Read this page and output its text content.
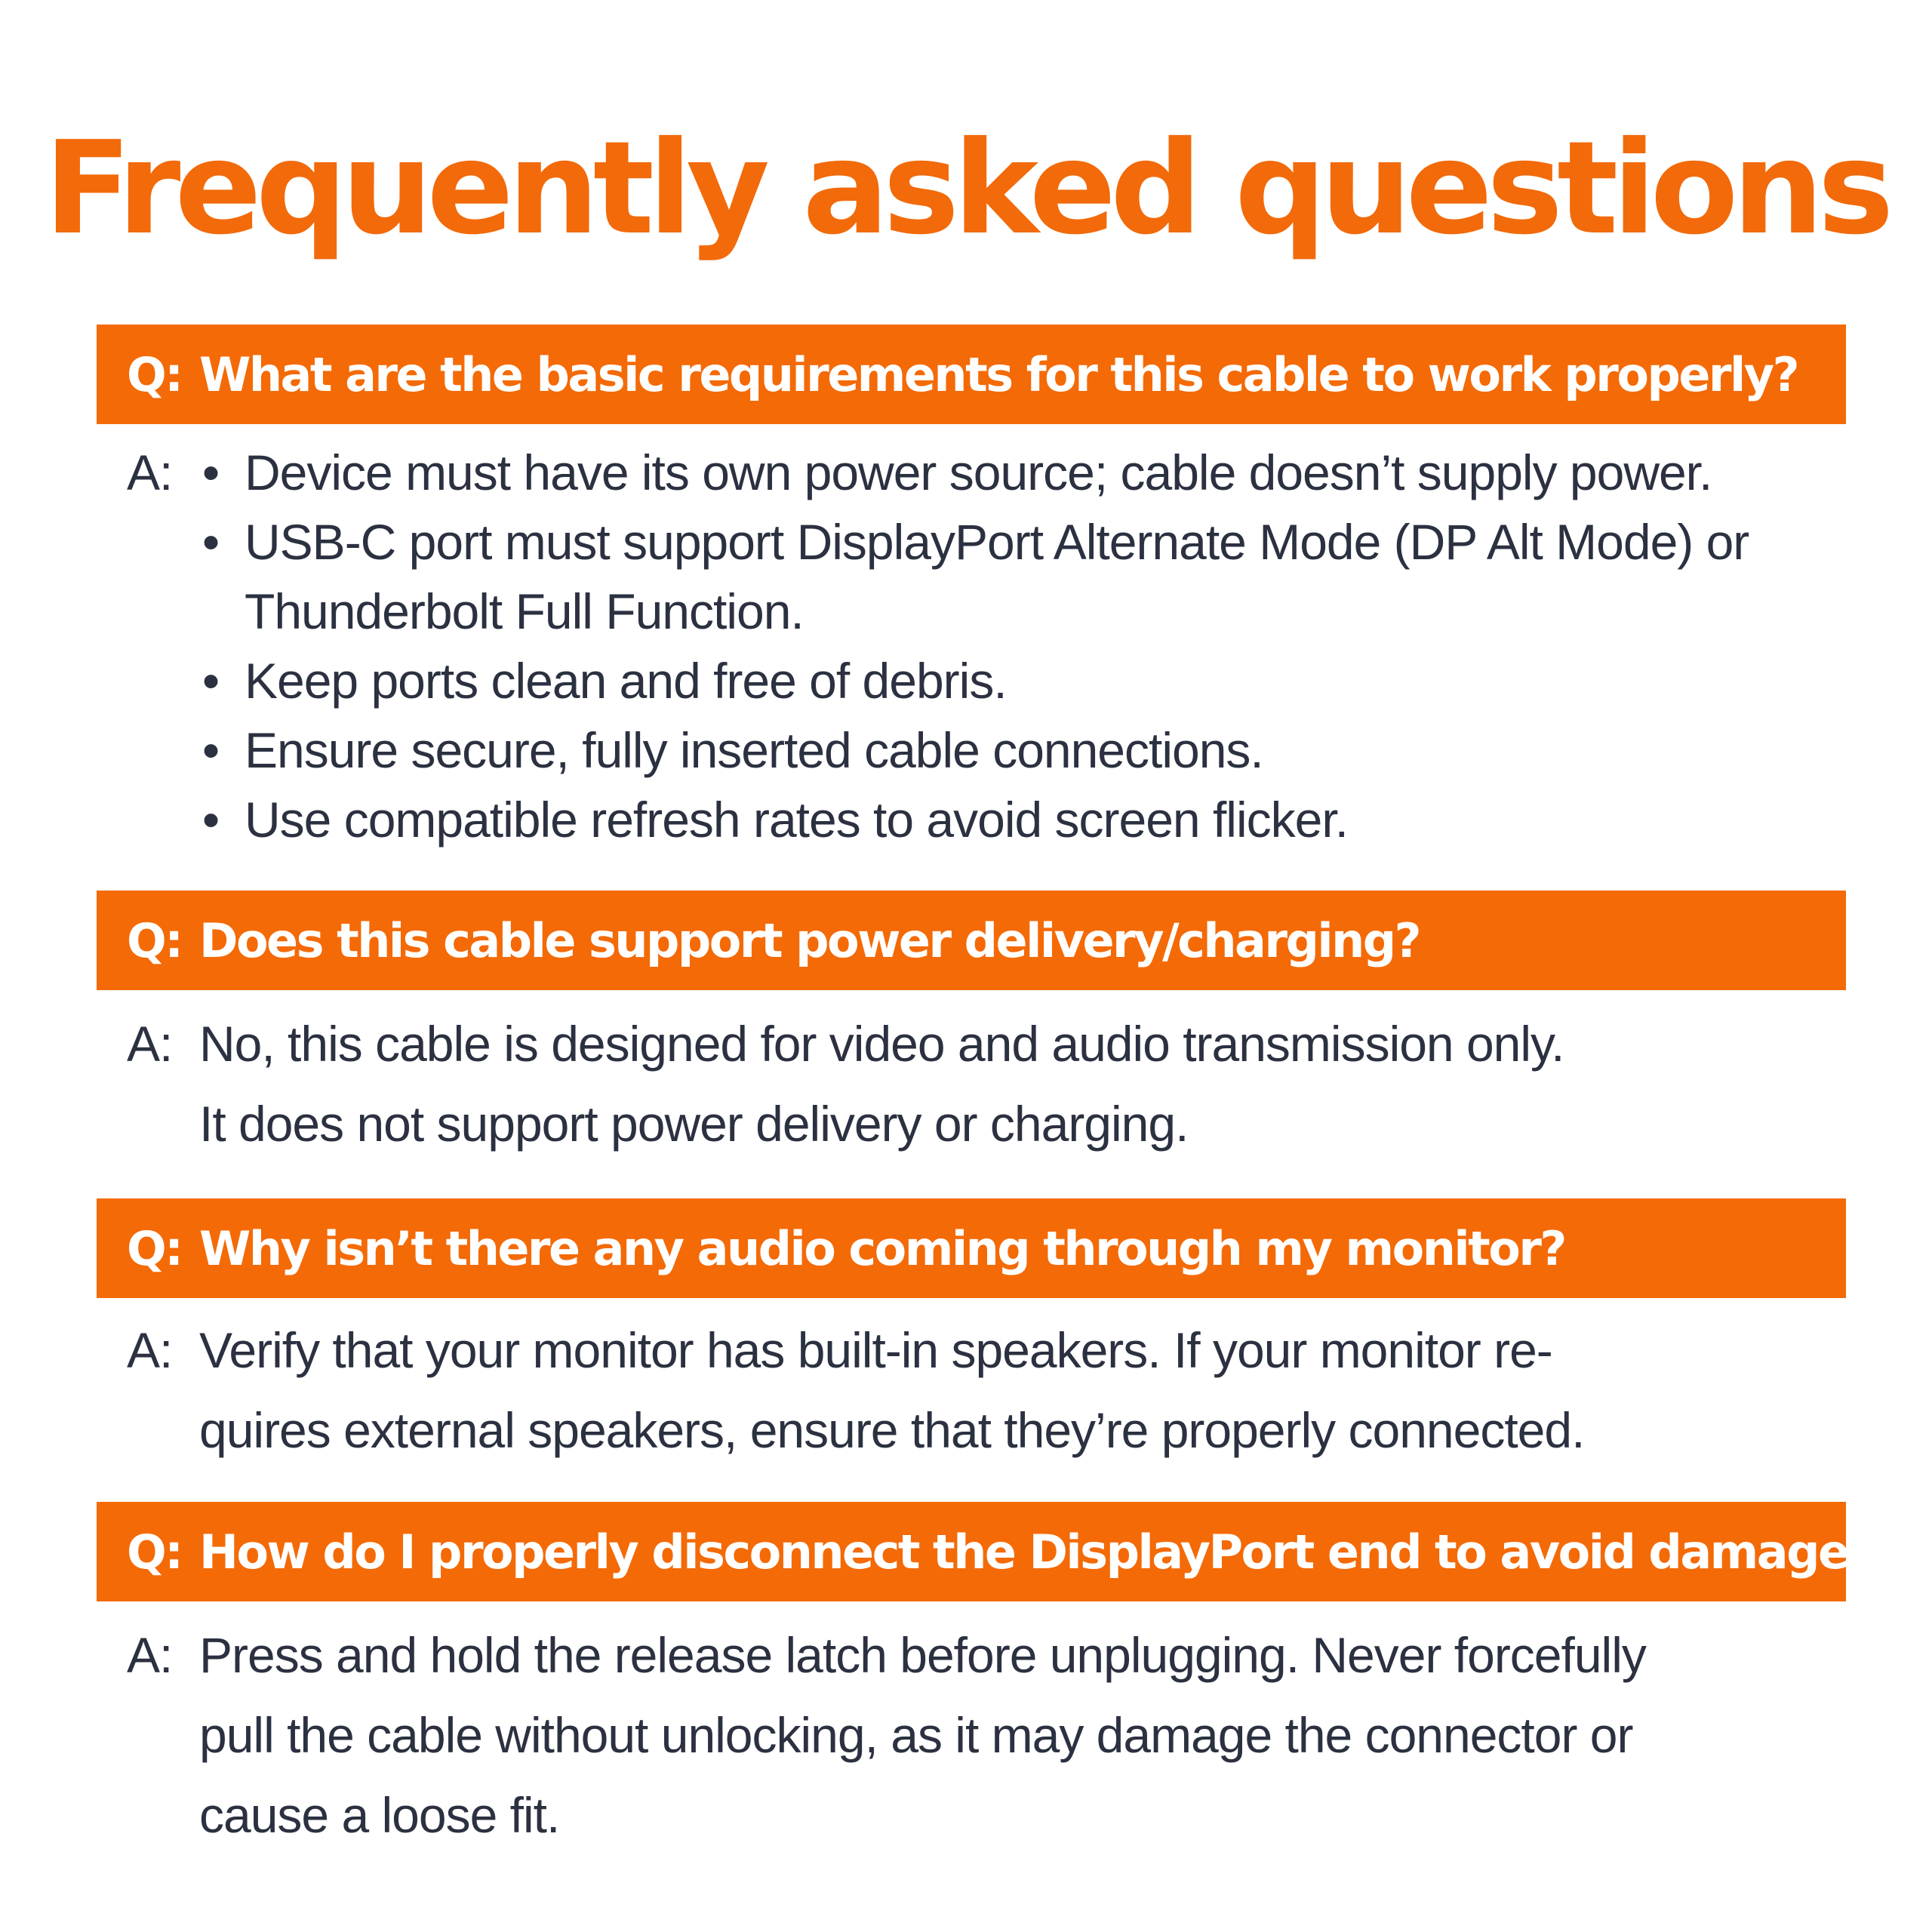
Frequently asked questions
Q: What are the basic requirements for this cable to work properly?
A: • Device must have its own power source; cable doesn’t supply power.
• USB-C port must support DisplayPort Alternate Mode (DP Alt Mode) or
Thunderbolt Full Function.
• Keep ports clean and free of debris.
• Ensure secure, fully inserted cable connections.
• Use compatible refresh rates to avoid screen flicker.
Q: Does this cable support power delivery/charging?
A: No, this cable is designed for video and audio transmission only.
It does not support power delivery or charging.
Q: Why isn’t there any audio coming through my monitor?
A: Verify that your monitor has built-in speakers. If your monitor re-
quires external speakers, ensure that they’re properly connected.
Q: How do I properly disconnect the DisplayPort end to avoid damage?
A: Press and hold the release latch before unplugging. Never forcefully
pull the cable without unlocking, as it may damage the connector or
cause a loose fit.
